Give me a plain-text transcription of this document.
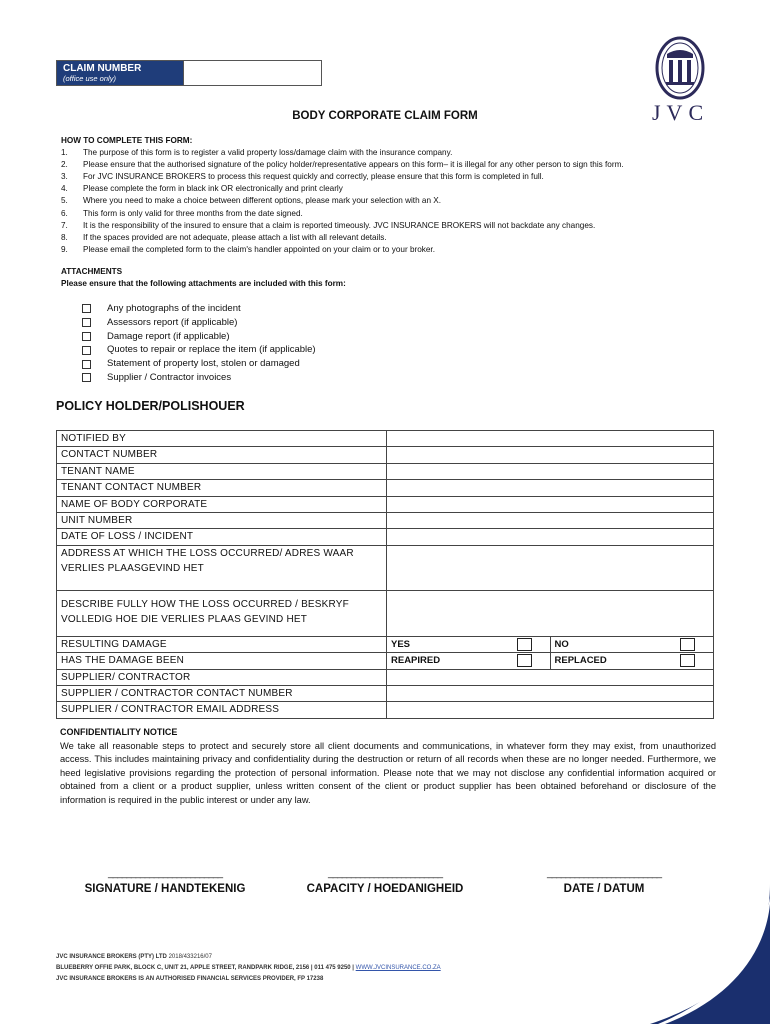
CLAIM NUMBER
(office use only)
JVC
BODY CORPORATE CLAIM FORM
HOW TO COMPLETE THIS FORM:
1.	The purpose of this form is to register a valid property loss/damage claim with the insurance company.
2.	Please ensure that the authorised signature of the policy holder/representative appears on this form– it is illegal for any other person to sign this form.
3.	For JVC INSURANCE BROKERS to process this request quickly and correctly, please ensure that this form is completed in full.
4.	Please complete the form in black ink OR electronically and print clearly
5.	Where you need to make a choice between different options, please mark your selection with an X.
6.	This form is only valid for three months from the date signed.
7.	It is the responsibility of the insured to ensure that a claim is reported timeously. JVC INSURANCE BROKERS will not backdate any changes.
8.	If the spaces provided are not adequate, please attach a list with all relevant details.
9.	Please email the completed form to the claim's handler appointed on your claim or to your broker.
ATTACHMENTS
Please ensure that the following attachments are included with this form:
Any photographs of the incident
Assessors report (if applicable)
Damage report (if applicable)
Quotes to repair or replace the item (if applicable)
Statement of property lost, stolen or damaged
Supplier / Contractor invoices
POLICY HOLDER/POLISHOUER
NOTIFIED BY
CONTACT NUMBER
TENANT NAME
TENANT CONTACT NUMBER
NAME OF BODY CORPORATE
UNIT NUMBER
DATE OF LOSS / INCIDENT
ADDRESS AT WHICH THE LOSS OCCURRED/ ADRES WAAR
VERLIES PLAASGEVIND HET
DESCRIBE FULLY HOW THE LOSS OCCURRED / BESKRYF
VOLLEDIG HOE DIE VERLIES PLAAS GEVIND HET
RESULTING DAMAGE	YES	NO
HAS THE DAMAGE BEEN	REAPIRED	REPLACED
SUPPLIER/ CONTRACTOR
SUPPLIER / CONTRACTOR CONTACT NUMBER
SUPPLIER / CONTRACTOR EMAIL ADDRESS
CONFIDENTIALITY NOTICE
We take all reasonable steps to protect and securely store all client documents and communications, in whatever form they may exist, from unauthorized access. This includes maintaining privacy and confidentiality during the destruction or return of all records when these are no longer needed. Furthermore, we heed legislative provisions regarding the protection of personal information. Please note that we may not disclose any confidential information acquired or obtained from a client or a product supplier, unless written consent of the client or product supplier has been obtained beforehand or disclosure of the information is required in the public interest or under any law.
_________________________
SIGNATURE / HANDTEKENIG
_________________________
CAPACITY / HOEDANIGHEID
_________________________
DATE / DATUM
JVC INSURANCE BROKERS (PTY) LTD 2018/433216/07
BLUEBERRY OFFIE PARK, BLOCK C, UNIT 21, APPLE STREET, RANDPARK RIDGE, 2156 | 011 475 9250 | WWW.JVCINSURANCE.CO.ZA
JVC INSURANCE BROKERS IS AN AUTHORISED FINANCIAL SERVICES PROVIDER, FP 17238
